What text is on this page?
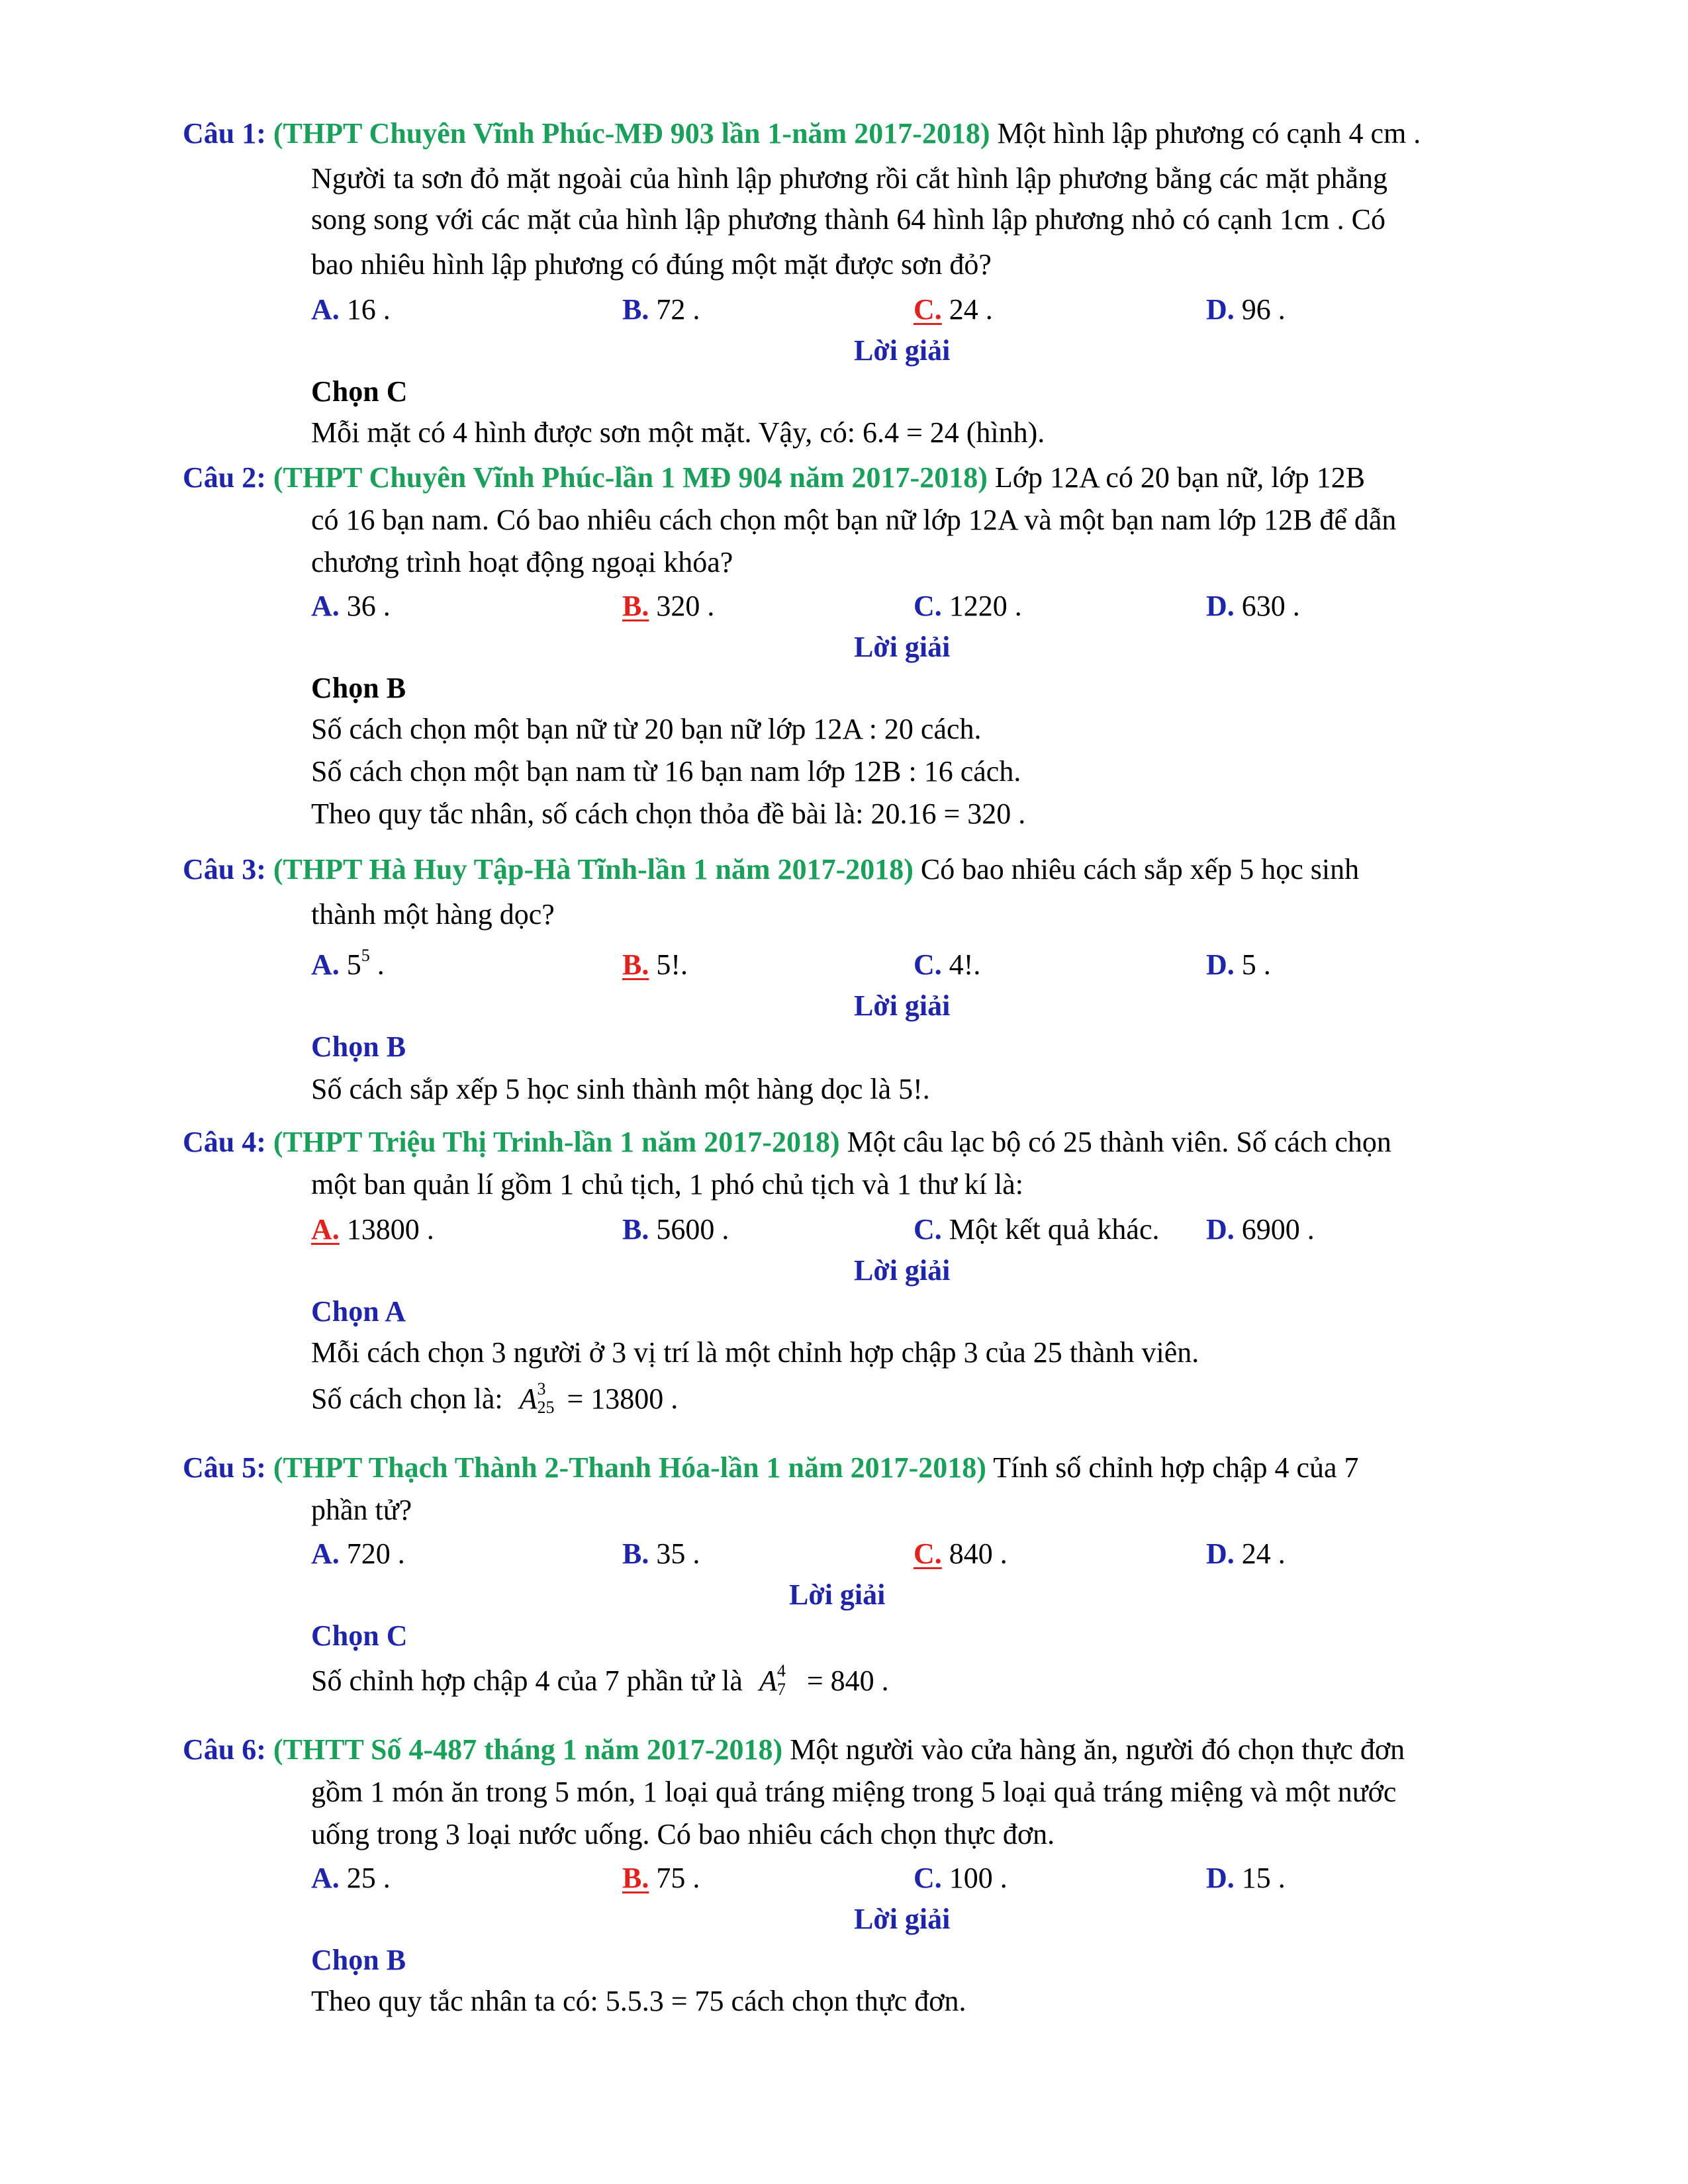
Câu 1: (THPT Chuyên Vĩnh Phúc-MĐ 903 lần 1-năm 2017-2018) Một hình lập phương có cạnh 4 cm .
Người ta sơn đỏ mặt ngoài của hình lập phương rồi cắt hình lập phương bằng các mặt phẳng
song song với các mặt của hình lập phương thành 64 hình lập phương nhỏ có cạnh 1cm . Có
bao nhiêu hình lập phương có đúng một mặt được sơn đỏ?
A. 16 .	B. 72 .	C. 24 .	D. 96 .
Lời giải
Chọn C
Mỗi mặt có 4 hình được sơn một mặt. Vậy, có: 6.4 = 24 (hình).
Câu 2: (THPT Chuyên Vĩnh Phúc-lần 1 MĐ 904 năm 2017-2018) Lớp 12A có 20 bạn nữ, lớp 12B
có 16 bạn nam. Có bao nhiêu cách chọn một bạn nữ lớp 12A và một bạn nam lớp 12B để dẫn
chương trình hoạt động ngoại khóa?
A. 36 .	B. 320 .	C. 1220 .	D. 630 .
Lời giải
Chọn B
Số cách chọn một bạn nữ từ 20 bạn nữ lớp 12A : 20 cách.
Số cách chọn một bạn nam từ 16 bạn nam lớp 12B : 16 cách.
Theo quy tắc nhân, số cách chọn thỏa đề bài là: 20.16 = 320 .
Câu 3: (THPT Hà Huy Tập-Hà Tĩnh-lần 1 năm 2017-2018) Có bao nhiêu cách sắp xếp 5 học sinh
thành một hàng dọc?
A. $5^5$ .	B. 5!.	C. 4!.	D. 5 .
Lời giải
Chọn B
Số cách sắp xếp 5 học sinh thành một hàng dọc là 5!.
Câu 4: (THPT Triệu Thị Trinh-lần 1 năm 2017-2018) Một câu lạc bộ có 25 thành viên. Số cách chọn
một ban quản lí gồm 1 chủ tịch, 1 phó chủ tịch và 1 thư kí là:
A. 13800 .	B. 5600 .	C. Một kết quả khác. D. 6900 .
Lời giải
Chọn A
Mỗi cách chọn 3 người ở 3 vị trí là một chỉnh hợp chập 3 của 25 thành viên.
Số cách chọn là: A 3
25 = 13800 .
Câu 5: (THPT Thạch Thành 2-Thanh Hóa-lần 1 năm 2017-2018) Tính số chỉnh hợp chập 4 của 7
phần tử?
A. 720 .	B. 35 .	C. 840 .	D. 24 .
Lời giải
Chọn C
Số chỉnh hợp chập 4 của 7 phần tử là A 4
7 = 840 .
Câu 6: (THTT Số 4-487 tháng 1 năm 2017-2018) Một người vào cửa hàng ăn, người đó chọn thực đơn
gồm 1 món ăn trong 5 món, 1 loại quả tráng miệng trong 5 loại quả tráng miệng và một nước
uống trong 3 loại nước uống. Có bao nhiêu cách chọn thực đơn.
A. 25 .	B. 75 .	C. 100 .	D. 15 .
Lời giải
Chọn B
Theo quy tắc nhân ta có: 5.5.3 = 75 cách chọn thực đơn.
